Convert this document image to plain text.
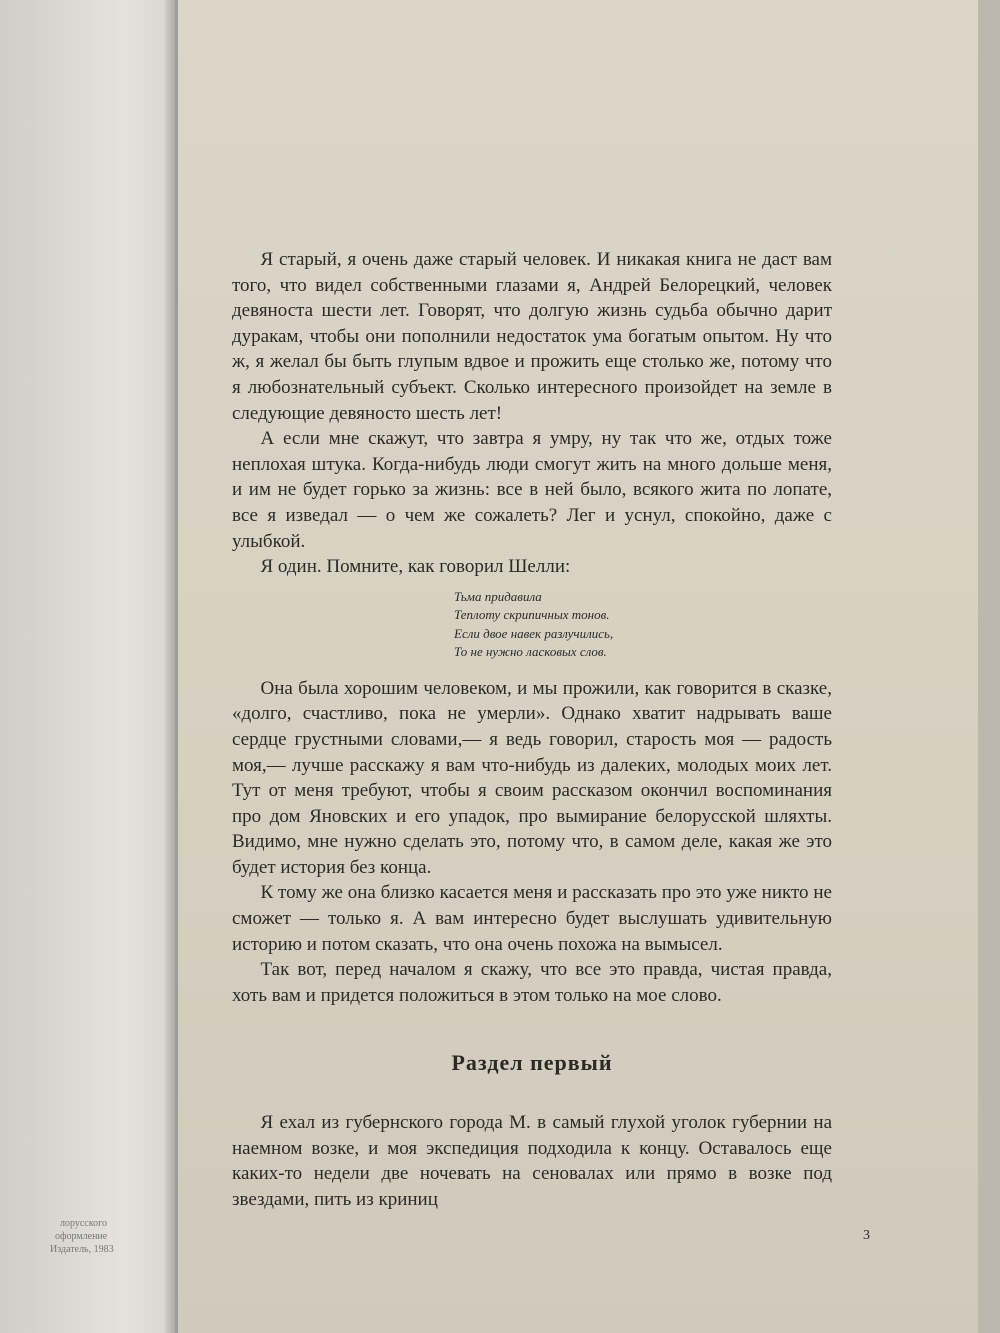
лорусского
оформление
Издатель, 1983

Я старый, я очень даже старый человек. И никакая книга не даст вам того, что видел собственными глазами я, Андрей Белорецкий, человек девяноста шести лет. Говорят, что долгую жизнь судьба обычно дарит дуракам, чтобы они пополнили недостаток ума богатым опытом. Ну что ж, я желал бы быть глупым вдвое и прожить еще столько же, потому что я любознательный субъект. Сколько интересного произойдет на земле в следующие девяносто шесть лет!

А если мне скажут, что завтра я умру, ну так что же, отдых тоже неплохая штука. Когда-нибудь люди смогут жить на много дольше меня, и им не будет горько за жизнь: все в ней было, всякого жита по лопате, все я изведал — о чем же сожалеть? Лег и уснул, спокойно, даже с улыбкой.

Я один. Помните, как говорил Шелли:

Тьма придавила
Теплоту скрипичных тонов.
Если двое навек разлучились,
То не нужно ласковых слов.

Она была хорошим человеком, и мы прожили, как говорится в сказке, «долго, счастливо, пока не умерли». Однако хватит надрывать ваше сердце грустными словами,— я ведь говорил, старость моя — радость моя,— лучше расскажу я вам что-нибудь из далеких, молодых моих лет. Тут от меня требуют, чтобы я своим рассказом окончил воспоминания про дом Яновских и его упадок, про вымирание белорусской шляхты. Видимо, мне нужно сделать это, потому что, в самом деле, какая же это будет история без конца.

К тому же она близко касается меня и рассказать про это уже никто не сможет — только я. А вам интересно будет выслушать удивительную историю и потом сказать, что она очень похожа на вымысел.

Так вот, перед началом я скажу, что все это правда, чистая правда, хоть вам и придется положиться в этом только на мое слово.

Раздел первый

Я ехал из губернского города М. в самый глухой уголок губернии на наемном возке, и моя экспедиция подходила к концу. Оставалось еще каких-то недели две ночевать на сеновалах или прямо в возке под звездами, пить из криниц

3
